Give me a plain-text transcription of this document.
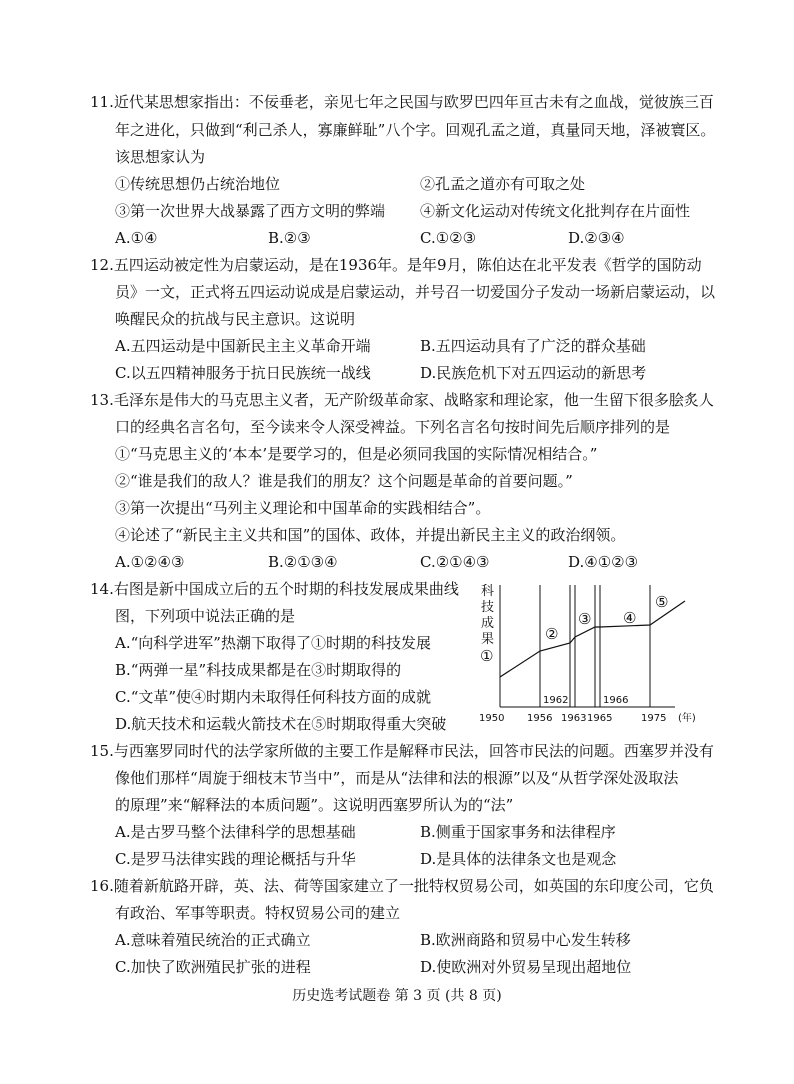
11.近代某思想家指出：不佞垂老，亲见七年之民国与欧罗巴四年亘古未有之血战，觉彼族三百
年之进化，只做到“利己杀人，寡廉鲜耻”八个字。回观孔孟之道，真量同天地，泽被寰区。
该思想家认为
①传统思想仍占统治地位	②孔孟之道亦有可取之处
③第一次世界大战暴露了西方文明的弊端 ④新文化运动对传统文化批判存在片面性
A.①④	B.②③	C.①②③	D.②③④
12.五四运动被定性为启蒙运动，是在1936年。是年9月，陈伯达在北平发表《哲学的国防动
员》一文，正式将五四运动说成是启蒙运动，并号召一切爱国分子发动一场新启蒙运动，以
唤醒民众的抗战与民主意识。这说明
A.五四运动是中国新民主主义革命开端	B.五四运动具有了广泛的群众基础
C.以五四精神服务于抗日民族统一战线	D.民族危机下对五四运动的新思考
13.毛泽东是伟大的马克思主义者，无产阶级革命家、战略家和理论家，他一生留下很多脍炙人
口的经典名言名句，至今读来令人深受裨益。下列名言名句按时间先后顺序排列的是
①“马克思主义的‘本本’是要学习的，但是必须同我国的实际情况相结合。”
②“谁是我们的敌人？谁是我们的朋友？这个问题是革命的首要问题。”
③第一次提出“马列主义理论和中国革命的实践相结合”。
④论述了“新民主主义共和国”的国体、政体，并提出新民主主义的政治纲领。
A.①②④③	B.②①③④	C.②①④③	D.④①②③
14.右图是新中国成立后的五个时期的科技发展成果曲线
图，下列项中说法正确的是
A.“向科学进军”热潮下取得了①时期的科技发展
B.“两弹一星”科技成果都是在③时期取得的
C.“文革”使④时期内未取得任何科技方面的成就
D.航天技术和运载火箭技术在⑤时期取得重大突破
科
技
成
果
①
②
③ ④
⑤
1962	1966
1950 1956 1963 1965	1975 (年)
15.与西塞罗同时代的法学家所做的主要工作是解释市民法，回答市民法的问题。西塞罗并没有
像他们那样“周旋于细枝末节当中”，而是从“法律和法的根源”以及“从哲学深处汲取法
的原理”来“解释法的本质问题”。这说明西塞罗所认为的“法”
A.是古罗马整个法律科学的思想基础	B.侧重于国家事务和法律程序
C.是罗马法律实践的理论概括与升华	D.是具体的法律条文也是观念
16.随着新航路开辟，英、法、荷等国家建立了一批特权贸易公司，如英国的东印度公司，它负
有政治、军事等职责。特权贸易公司的建立
A.意味着殖民统治的正式确立	B.欧洲商路和贸易中心发生转移
C.加快了欧洲殖民扩张的进程	D.使欧洲对外贸易呈现出超地位
历史选考试题卷 第 3 页 (共 8 页)
